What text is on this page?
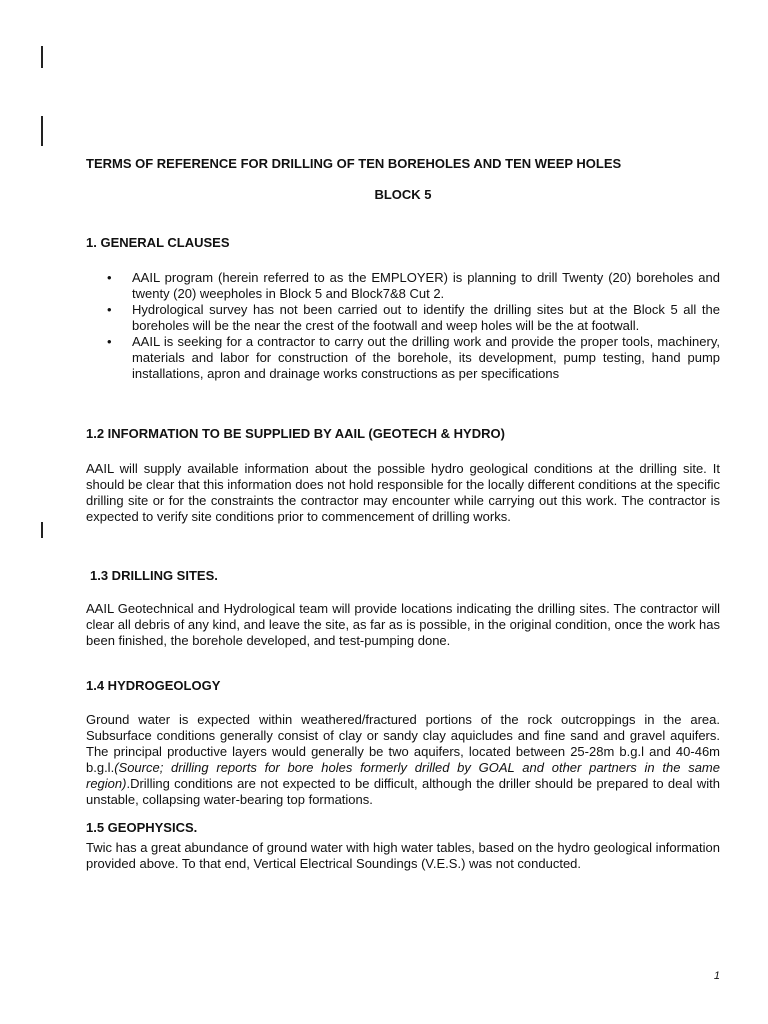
TERMS OF REFERENCE FOR DRILLING OF TEN BOREHOLES AND TEN WEEP HOLES
BLOCK 5
1. GENERAL CLAUSES
• AAIL program (herein referred to as the EMPLOYER) is planning to drill Twenty (20) boreholes and twenty (20) weepholes in Block 5 and Block7&8 Cut 2.
• Hydrological survey has not been carried out to identify the drilling sites but at the Block 5 all the boreholes will be the near the crest of the footwall and weep holes will be the at footwall.
• AAIL is seeking for a contractor to carry out the drilling work and provide the proper tools, machinery, materials and labor for construction of the borehole, its development, pump testing, hand pump installations, apron and drainage works constructions as per specifications
1.2 INFORMATION TO BE SUPPLIED BY AAIL (GEOTECH & HYDRO)
AAIL will supply available information about the possible hydro geological conditions at the drilling site. It should be clear that this information does not hold responsible for the locally different conditions at the specific drilling site or for the constraints the contractor may encounter while carrying out this work. The contractor is expected to verify site conditions prior to commencement of drilling works.
1.3 DRILLING SITES.
AAIL Geotechnical and Hydrological team will provide locations indicating the drilling sites. The contractor will clear all debris of any kind, and leave the site, as far as is possible, in the original condition, once the work has been finished, the borehole developed, and test-pumping done.
1.4 HYDROGEOLOGY
Ground water is expected within weathered/fractured portions of the rock outcroppings in the area. Subsurface conditions generally consist of clay or sandy clay aquicludes and fine sand and gravel aquifers. The principal productive layers would generally be two aquifers, located between 25-28m b.g.l and 40-46m b.g.l.(Source; drilling reports for bore holes formerly drilled by GOAL and other partners in the same region).Drilling conditions are not expected to be difficult, although the driller should be prepared to deal with unstable, collapsing water-bearing top formations.
1.5 GEOPHYSICS.
Twic has a great abundance of ground water with high water tables, based on the hydro geological information provided above. To that end, Vertical Electrical Soundings (V.E.S.) was not conducted.
1
